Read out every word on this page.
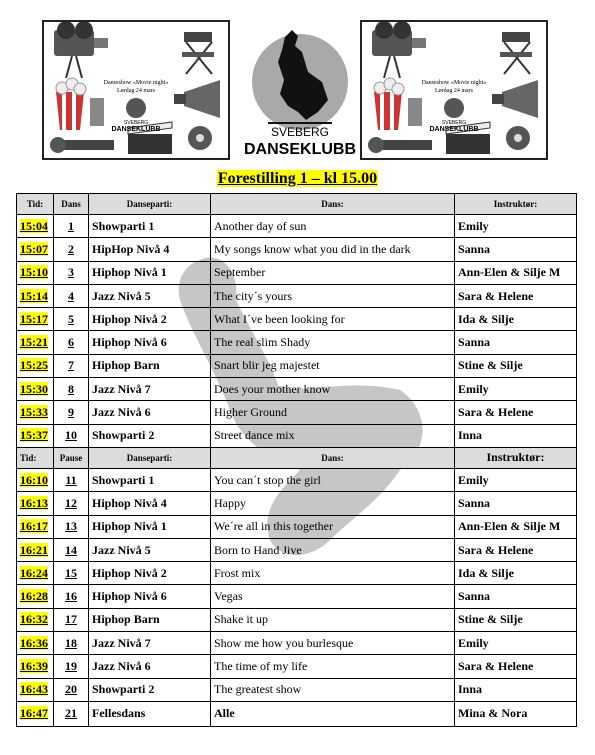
Danseshow «Movie night»
Lørdag 24 mars
SVEBERG
DANSEKLUBB	SVEBERG
DANSEKLUBB
Danseshow «Movie night»
Lørdag 24 mars
SVEBERG
DANSEKLUBB
Forestilling 1 – kl 15.00
Tid:	Dans	Danseparti:	Dans:	Instruktør:
15:04	1	Showparti 1	Another day of sun	Emily
15:07	2	HipHop Nivå 4	My songs know what you did in the dark	Sanna
15:10	3	Hiphop Nivå 1	September	Ann-Elen & Silje M
15:14	4	Jazz Nivå 5	The city´s yours	Sara & Helene
15:17	5	Hiphop Nivå 2	What I´ve been looking for	Ida & Silje
15:21	6	Hiphop Nivå 6	The real slim Shady	Sanna
15:25	7	Hiphop Barn	Snart blir jeg majestet	Stine & Silje
15:30	8	Jazz Nivå 7	Does your mother know	Emily
15:33	9	Jazz Nivå 6	Higher Ground	Sara & Helene
15:37	10	Showparti 2	Street dance mix	Inna
Tid:	Pause	Danseparti:	Dans:	Instruktør:
16:10	11	Showparti 1	You can´t stop the girl	Emily
16:13	12	Hiphop Nivå 4	Happy	Sanna
16:17	13	Hiphop Nivå 1	We´re all in this together	Ann-Elen & Silje M
16:21	14	Jazz Nivå 5	Born to Hand Jive	Sara & Helene
16:24	15	Hiphop Nivå 2	Frost mix	Ida & Silje
16:28	16	Hiphop Nivå 6	Vegas	Sanna
16:32	17	Hiphop Barn	Shake it up	Stine & Silje
16:36	18	Jazz Nivå 7	Show me how you burlesque	Emily
16:39	19	Jazz Nivå 6	The time of my life	Sara & Helene
16:43	20	Showparti 2	The greatest show	Inna
16:47	21	Fellesdans	Alle	Mina & Nora
